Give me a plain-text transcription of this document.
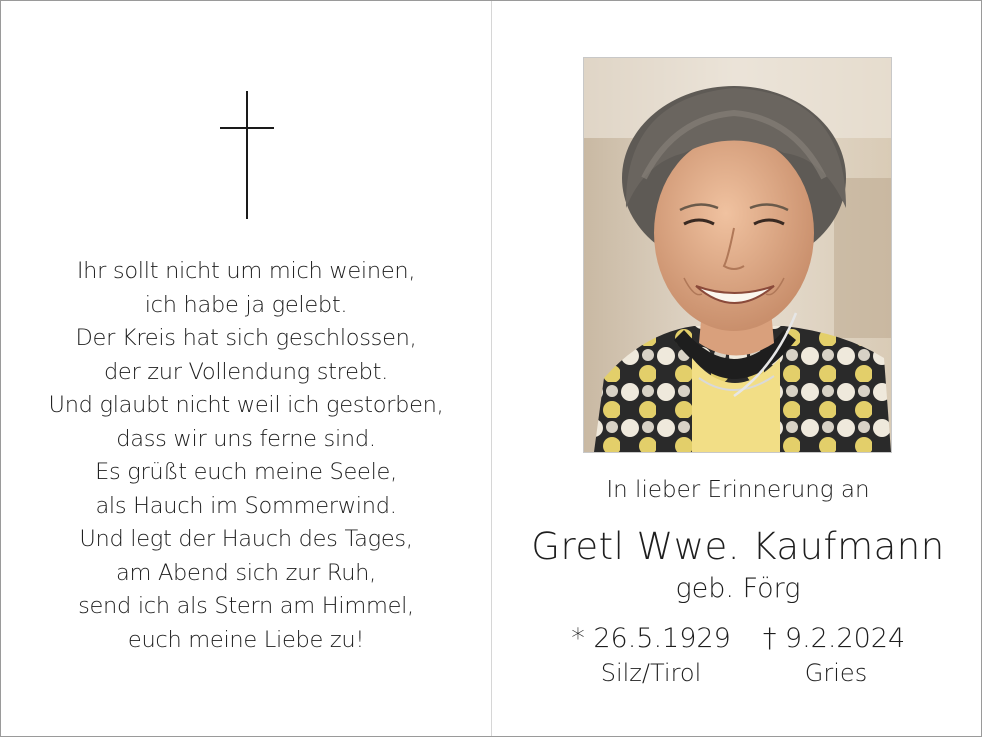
Ihr sollt nicht um mich weinen,
ich habe ja gelebt.
Der Kreis hat sich geschlossen,
der zur Vollendung strebt.
Und glaubt nicht weil ich gestorben,
dass wir uns ferne sind.
Es grüßt euch meine Seele,
als Hauch im Sommerwind.
Und legt der Hauch des Tages,
am Abend sich zur Ruh,
send ich als Stern am Himmel,
euch meine Liebe zu!
In lieber Erinnerung an
Gretl Wwe. Kaufmann
geb. Förg
* 26.5.1929	† 9.2.2024
Silz/Tirol	Gries
